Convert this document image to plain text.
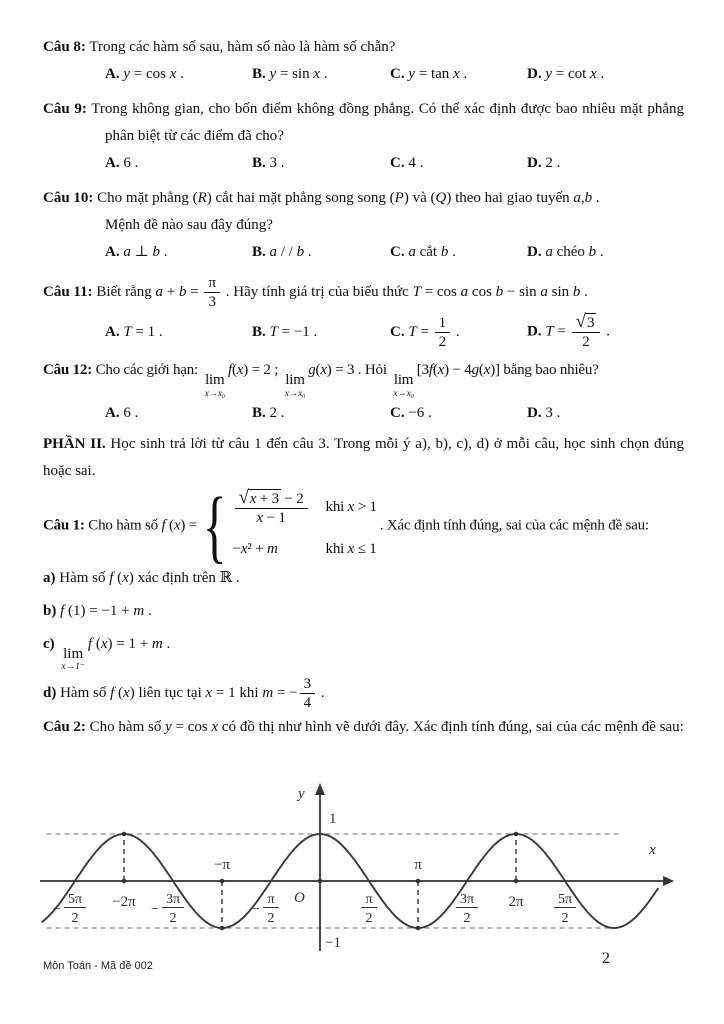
Câu 8: Trong các hàm số sau, hàm số nào là hàm số chẵn?

A. y = cos x .	B. y = sin x .	C. y = tan x .	D. y = cot x .

Câu 9: Trong không gian, cho bốn điểm không đồng phẳng. Có thể xác định được bao nhiêu mặt phẳng phân biệt từ các điểm đã cho?

A. 6 .	B. 3 .	C. 4 .	D. 2 .

Câu 10: Cho mặt phẳng (R) cắt hai mặt phẳng song song (P) và (Q) theo hai giao tuyến a,b .

Mệnh đề nào sau đây đúng?

A. a ⊥ b .	B. a / / b .	C. a cắt b .	D. a chéo b .

Câu 11: Biết rằng $a + b = \frac{\pi}{3}$ . Hãy tính giá trị của biểu thức T = cos a cos b − sin a sin b .

A. T = 1 .	B. T = −1 .	C. $T = \frac{1}{2}$ .	D. $T = \frac{√ 3}{2}$ .

Câu 12: Cho các giới hạn:
lim
x→x₀
f(x) = 2 ;
lim
x→x₀
g(x) = 3 . Hỏi
lim
x→x₀
[3f(x) − 4g(x)] bằng bao nhiêu?

A. 6 .	B. 2 .	C. −6 .	D. 3 .

PHẦN II. Học sinh trả lời từ câu 1 đến câu 3. Trong mỗi ý a), b), c), d) ở mỗi câu, học sinh chọn đúng hoặc sai.

Câu 1: Cho hàm số f (x) = { $\frac{√ x + 3 - 2}{x - 1}$ khi x > 1
−x² + m	khi x ≤ 1
. Xác định tính đúng, sai của các mệnh đề sau:

a) Hàm số f (x) xác định trên ℝ .

b) f (1) = −1 + m .

c)
lim
x→1⁻
f (x) = 1 + m .

d) Hàm số f (x) liên tục tại x = 1 khi m = − $\frac{3}{4}$ .

Câu 2: Cho hàm số y = cos x có đồ thị như hình vẽ dưới đây. Xác định tính đúng, sai của các mệnh đề sau:

1
−1
y
x
O
5π
2
−	−2π 3π
2
−
−π
π
2
−
π
2
π
3π
2
2π 5π
2
Môn Toán - Mã đề 002	2
